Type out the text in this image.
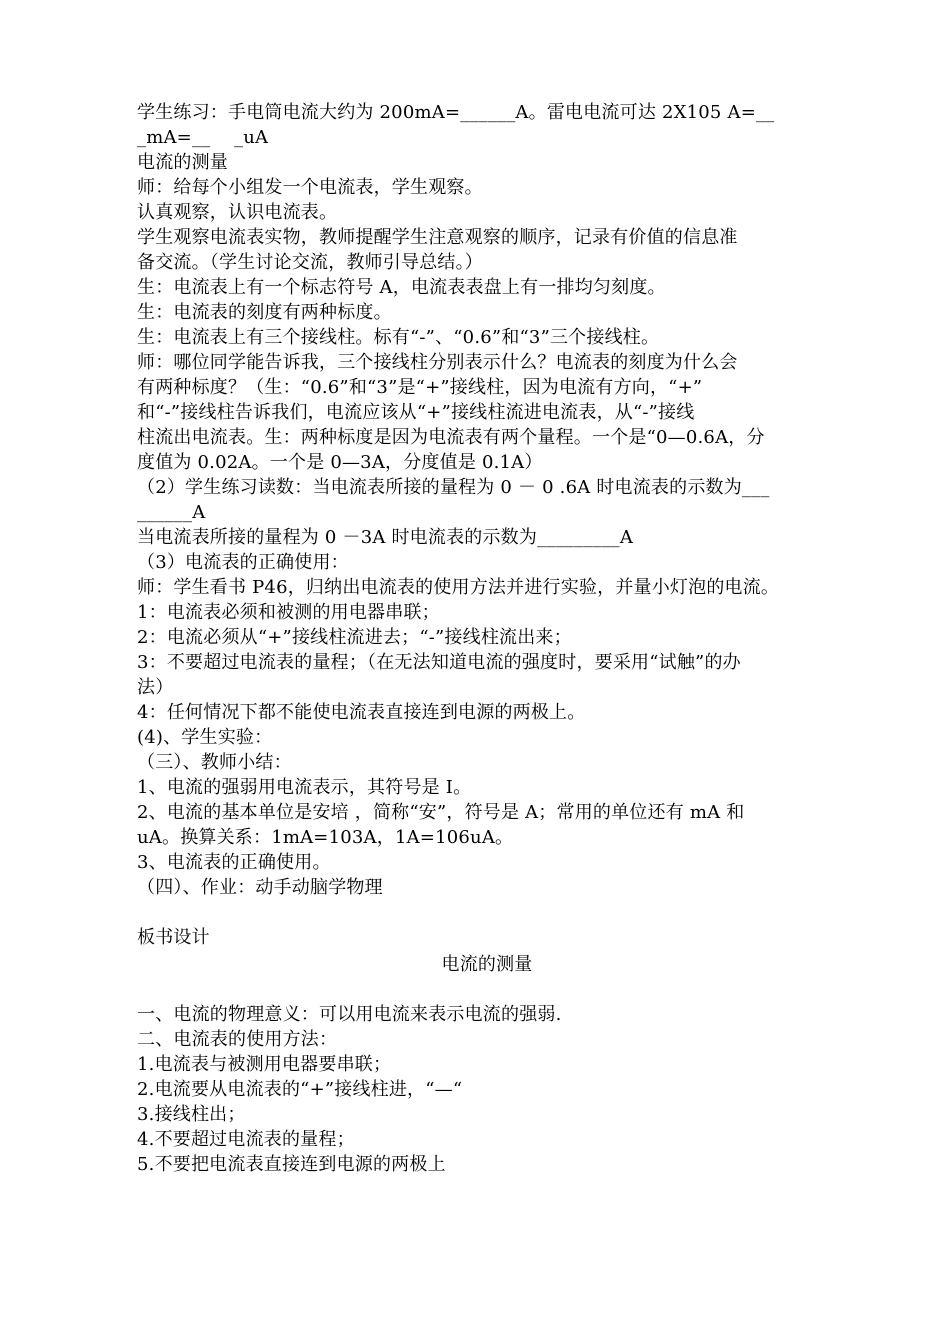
学生练习：手电筒电流大约为 200mA=______A。雷电电流可达 2X105 A=__
_mA=__    _uA
电流的测量
师：给每个小组发一个电流表，学生观察。
认真观察，认识电流表。
学生观察电流表实物，教师提醒学生注意观察的顺序，记录有价值的信息准
备交流。（学生讨论交流，教师引导总结。）
生：电流表上有一个标志符号 A，电流表表盘上有一排均匀刻度。
生：电流表的刻度有两种标度。
生：电流表上有三个接线柱。标有“-”、“0.6”和“3”三个接线柱。
师：哪位同学能告诉我，三个接线柱分别表示什么？电流表的刻度为什么会
有两种标度？（生：“0.6”和“3”是“+”接线柱，因为电流有方向，“+”
和“-”接线柱告诉我们，电流应该从“+”接线柱流进电流表，从“-”接线
柱流出电流表。生：两种标度是因为电流表有两个量程。一个是“0—0.6A，分
度值为 0.02A。一个是 0—3A，分度值是 0.1A）
（2）学生练习读数：当电流表所接的量程为 0 － 0 .6A 时电流表的示数为___
______A
当电流表所接的量程为 0 －3A 时电流表的示数为_________A
（3）电流表的正确使用：
师：学生看书 P46，归纳出电流表的使用方法并进行实验，并量小灯泡的电流。
1：电流表必须和被测的用电器串联；
2：电流必须从“+”接线柱流进去；“-”接线柱流出来；
3：不要超过电流表的量程；（在无法知道电流的强度时，要采用“试触”的办
法）
4：任何情况下都不能使电流表直接连到电源的两极上。
(4)、学生实验：
（三）、教师小结：
1、电流的强弱用电流表示，其符号是 I。
2、电流的基本单位是安培 ，简称“安”，符号是 A；常用的单位还有 mA 和
uA。换算关系：1mA=103A，1A=106uA。
3、电流表的正确使用。
（四）、作业：动手动脑学物理
板书设计
电流的测量
一、电流的物理意义：可以用电流来表示电流的强弱.
二、电流表的使用方法：
1.电流表与被测用电器要串联；
2.电流要从电流表的“+”接线柱进，“—“
3.接线柱出；
4.不要超过电流表的量程；
5.不要把电流表直接连到电源的两极上
